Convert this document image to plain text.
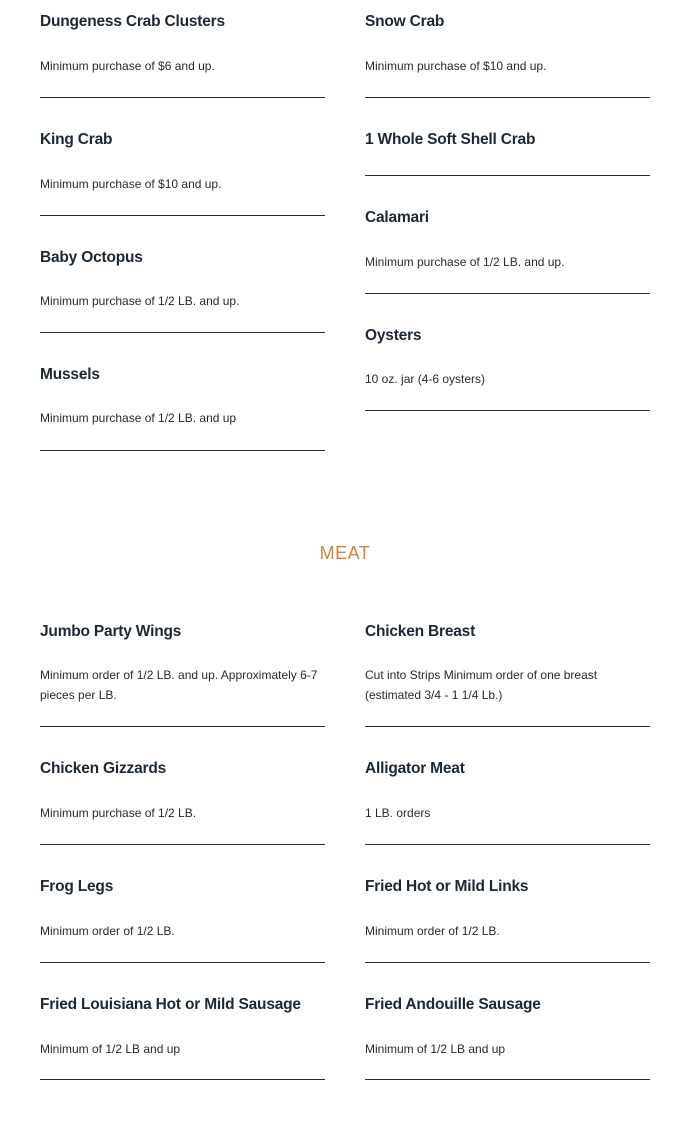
Dungeness Crab Clusters
Minimum purchase of $6 and up.
King Crab
Minimum purchase of $10 and up.
Baby Octopus
Minimum purchase of 1/2 LB. and up.
Mussels
Minimum purchase of 1/2 LB. and up
Snow Crab
Minimum purchase of $10 and up.
1 Whole Soft Shell Crab
Calamari
Minimum purchase of 1/2 LB. and up.
Oysters
10 oz. jar (4-6 oysters)
MEAT
Jumbo Party Wings
Minimum order of 1/2 LB. and up. Approximately 6-7 pieces per LB.
Chicken Gizzards
Minimum purchase of 1/2 LB.
Frog Legs
Minimum order of 1/2 LB.
Fried Louisiana Hot or Mild Sausage
Minimum of 1/2 LB and up
Chicken Breast
Cut into Strips Minimum order of one breast (estimated 3/4 - 1 1/4 Lb.)
Alligator Meat
1 LB. orders
Fried Hot or Mild Links
Minimum order of 1/2 LB.
Fried Andouille Sausage
Minimum of 1/2 LB and up
